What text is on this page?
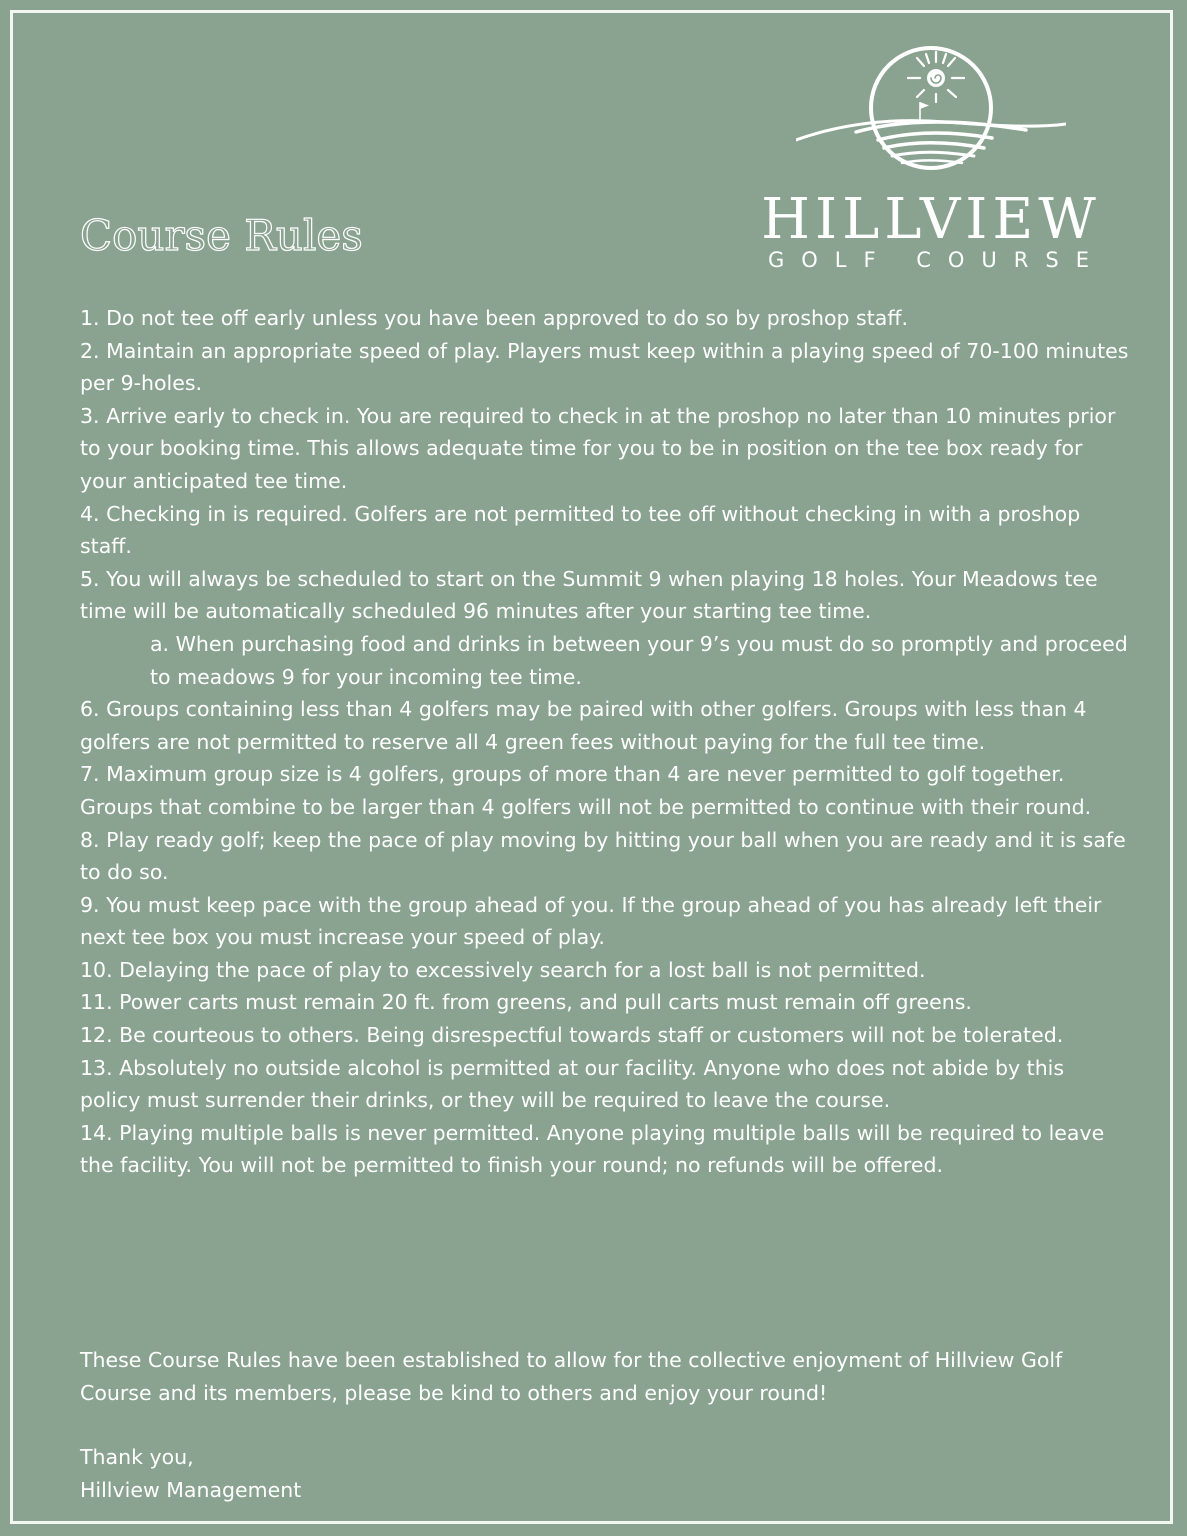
HILLVIEW
GOLF COURSE
Course Rules
1. Do not tee off early unless you have been approved to do so by proshop staff.
2. Maintain an appropriate speed of play. Players must keep within a playing speed of 70-100 minutes per 9-holes.
3. Arrive early to check in. You are required to check in at the proshop no later than 10 minutes prior to your booking time. This allows adequate time for you to be in position on the tee box ready for your anticipated tee time.
4. Checking in is required. Golfers are not permitted to tee off without checking in with a proshop staff.
5. You will always be scheduled to start on the Summit 9 when playing 18 holes. Your Meadows tee time will be automatically scheduled 96 minutes after your starting tee time.
a. When purchasing food and drinks in between your 9’s you must do so promptly and proceed to meadows 9 for your incoming tee time.
6. Groups containing less than 4 golfers may be paired with other golfers. Groups with less than 4 golfers are not permitted to reserve all 4 green fees without paying for the full tee time.
7. Maximum group size is 4 golfers, groups of more than 4 are never permitted to golf together. Groups that combine to be larger than 4 golfers will not be permitted to continue with their round.
8. Play ready golf; keep the pace of play moving by hitting your ball when you are ready and it is safe to do so.
9. You must keep pace with the group ahead of you. If the group ahead of you has already left their next tee box you must increase your speed of play.
10. Delaying the pace of play to excessively search for a lost ball is not permitted.
11. Power carts must remain 20 ft. from greens, and pull carts must remain off greens.
12. Be courteous to others. Being disrespectful towards staff or customers will not be tolerated.
13. Absolutely no outside alcohol is permitted at our facility. Anyone who does not abide by this policy must surrender their drinks, or they will be required to leave the course.
14. Playing multiple balls is never permitted. Anyone playing multiple balls will be required to leave the facility. You will not be permitted to finish your round; no refunds will be offered.

These Course Rules have been established to allow for the collective enjoyment of Hillview Golf Course and its members, please be kind to others and enjoy your round!

Thank you,
Hillview Management
